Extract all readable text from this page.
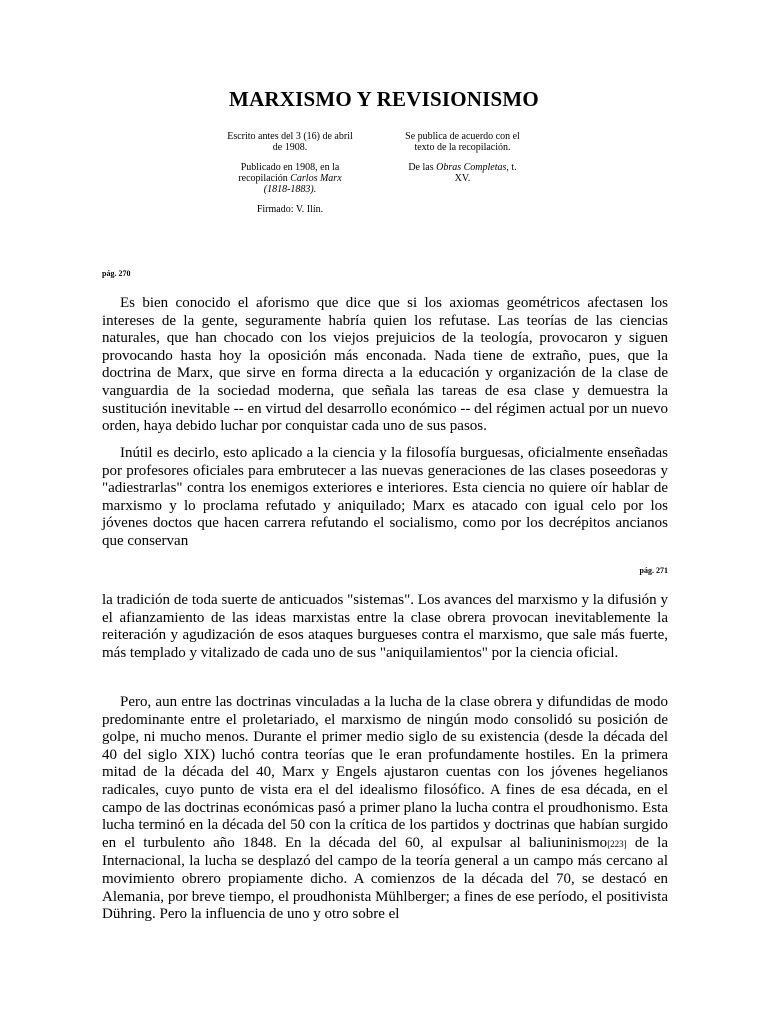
MARXISMO Y REVISIONISMO

Escrito antes del 3 (16) de abril de 1908.

Publicado en 1908, en la recopilación Carlos Marx (1818-1883).

Firmado: V. Ilín.

Se publica de acuerdo con el texto de la recopilación.

De las Obras Completas, t. XV.

pág. 270

Es bien conocido el aforismo que dice que si los axiomas geométricos afectasen los intereses de la gente, seguramente habría quien los refutase. Las teorías de las ciencias naturales, que han chocado con los viejos prejuicios de la teología, provocaron y siguen provocando hasta hoy la oposición más enconada. Nada tiene de extraño, pues, que la doctrina de Marx, que sirve en forma directa a la educación y organización de la clase de vanguardia de la sociedad moderna, que señala las tareas de esa clase y demuestra la sustitución inevitable -- en virtud del desarrollo económico -- del régimen actual por un nuevo orden, haya debido luchar por conquistar cada uno de sus pasos.

Inútil es decirlo, esto aplicado a la ciencia y la filosofía burguesas, oficialmente enseñadas por profesores oficiales para embrutecer a las nuevas generaciones de las clases poseedoras y "adiestrarlas" contra los enemigos exteriores e interiores. Esta ciencia no quiere oír hablar de marxismo y lo proclama refutado y aniquilado; Marx es atacado con igual celo por los jóvenes doctos que hacen carrera refutando el socialismo, como por los decrépitos ancianos que conservan

pág. 271

la tradición de toda suerte de anticuados "sistemas". Los avances del marxismo y la difusión y el afianzamiento de las ideas marxistas entre la clase obrera provocan inevitablemente la reiteración y agudización de esos ataques burgueses contra el marxismo, que sale más fuerte, más templado y vitalizado de cada uno de sus "aniquilamientos" por la ciencia oficial.

Pero, aun entre las doctrinas vinculadas a la lucha de la clase obrera y difundidas de modo predominante entre el proletariado, el marxismo de ningún modo consolidó su posición de golpe, ni mucho menos. Durante el primer medio siglo de su existencia (desde la década del 40 del siglo XIX) luchó contra teorías que le eran profundamente hostiles. En la primera mitad de la década del 40, Marx y Engels ajustaron cuentas con los jóvenes hegelianos radicales, cuyo punto de vista era el del idealismo filosófico. A fines de esa década, en el campo de las doctrinas económicas pasó a primer plano la lucha contra el proudhonismo. Esta lucha terminó en la década del 50 con la crítica de los partidos y doctrinas que habían surgido en el turbulento año 1848. En la década del 60, al expulsar al baliuninismo[223] de la Internacional, la lucha se desplazó del campo de la teoría general a un campo más cercano al movimiento obrero propiamente dicho. A comienzos de la década del 70, se destacó en Alemania, por breve tiempo, el proudhonista Mühlberger; a fines de ese período, el positivista Dühring. Pero la influencia de uno y otro sobre el
